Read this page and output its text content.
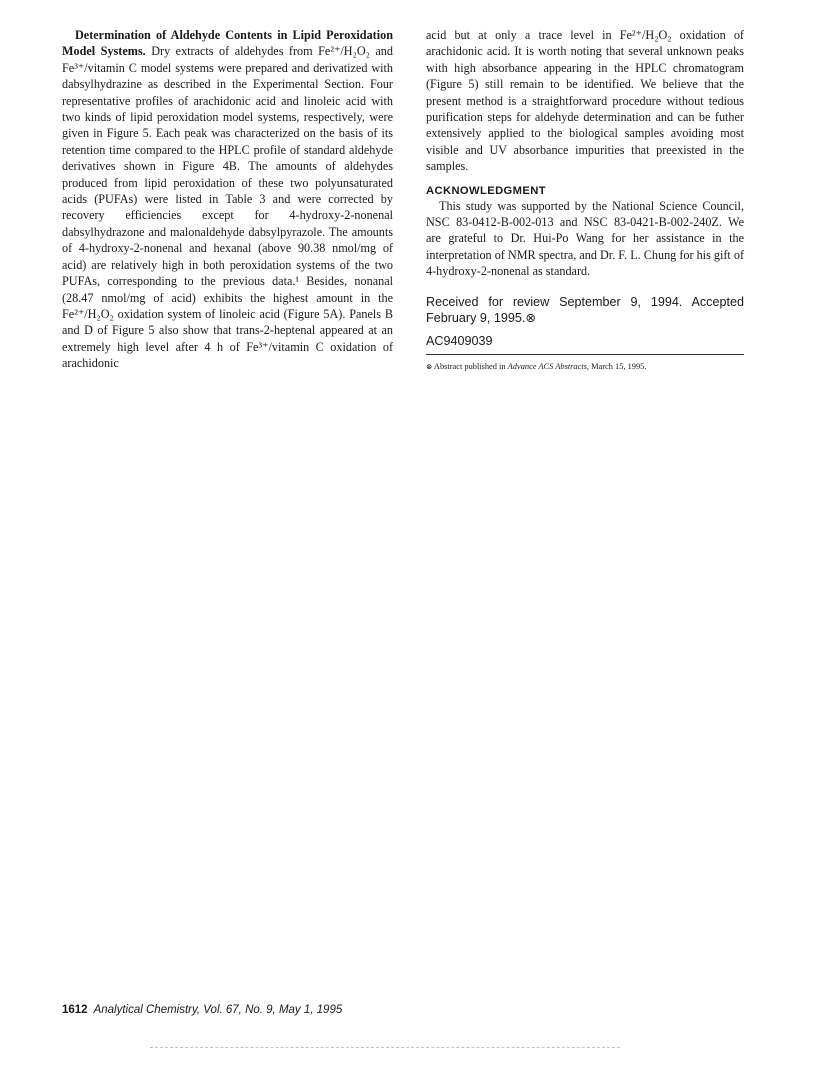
Determination of Aldehyde Contents in Lipid Peroxidation Model Systems. Dry extracts of aldehydes from Fe²⁺/H₂O₂ and Fe³⁺/vitamin C model systems were prepared and derivatized with dabsylhydrazine as described in the Experimental Section. Four representative profiles of arachidonic acid and linoleic acid with two kinds of lipid peroxidation model systems, respectively, were given in Figure 5. Each peak was characterized on the basis of its retention time compared to the HPLC profile of standard aldehyde derivatives shown in Figure 4B. The amounts of aldehydes produced from lipid peroxidation of these two polyunsaturated acids (PUFAs) were listed in Table 3 and were corrected by recovery efficiencies except for 4-hydroxy-2-nonenal dabsylhydrazone and malonaldehyde dabsylpyrazole. The amounts of 4-hydroxy-2-nonenal and hexanal (above 90.38 nmol/mg of acid) are relatively high in both peroxidation systems of the two PUFAs, corresponding to the previous data.¹ Besides, nonanal (28.47 nmol/mg of acid) exhibits the highest amount in the Fe²⁺/H₂O₂ oxidation system of linoleic acid (Figure 5A). Panels B and D of Figure 5 also show that trans-2-heptenal appeared at an extremely high level after 4 h of Fe³⁺/vitamin C oxidation of arachidonic

acid but at only a trace level in Fe²⁺/H₂O₂ oxidation of arachidonic acid. It is worth noting that several unknown peaks with high absorbance appearing in the HPLC chromatogram (Figure 5) still remain to be identified. We believe that the present method is a straightforward procedure without tedious purification steps for aldehyde determination and can be futher extensively applied to the biological samples avoiding most visible and UV absorbance impurities that preexisted in the samples.

ACKNOWLEDGMENT

This study was supported by the National Science Council, NSC 83-0412-B-002-013 and NSC 83-0421-B-002-240Z. We are grateful to Dr. Hui-Po Wang for her assistance in the interpretation of NMR spectra, and Dr. F. L. Chung for his gift of 4-hydroxy-2-nonenal as standard.

Received for review September 9, 1994. Accepted February 9, 1995.⊗

AC9409039

⊗ Abstract published in Advance ACS Abstracts, March 15, 1995.

1612 Analytical Chemistry, Vol. 67, No. 9, May 1, 1995
